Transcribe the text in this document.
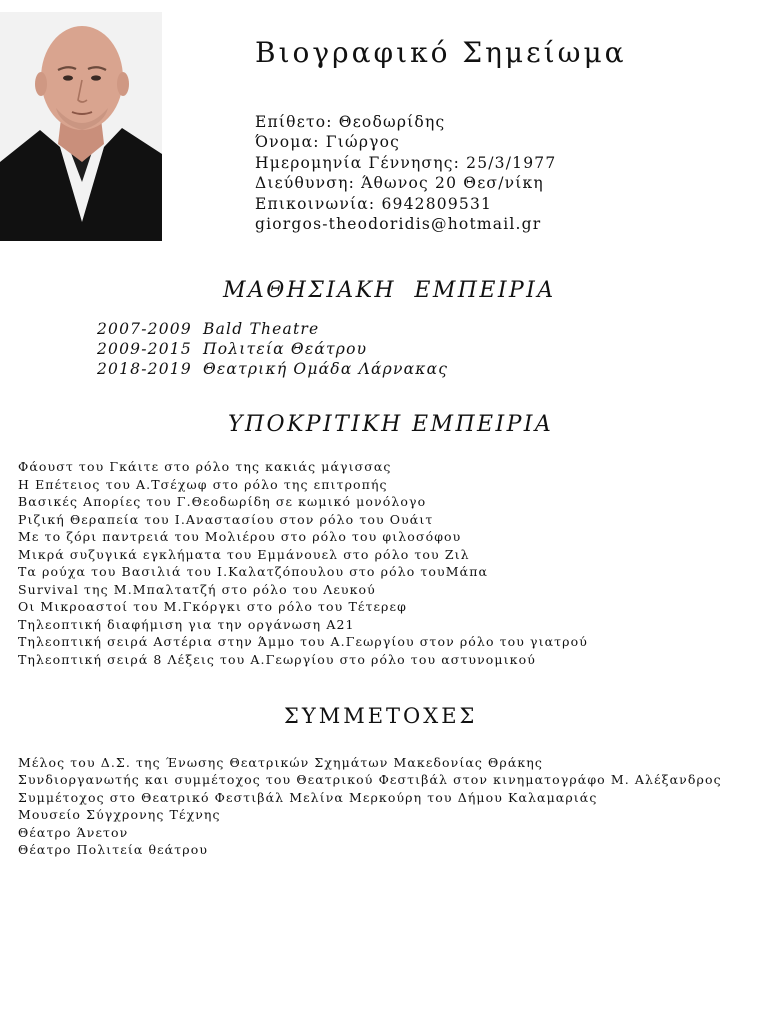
Βιογραφικό Σημείωμα
Επίθετο: Θεοδωρίδης
Όνομα: Γιώργος
Ημερομηνία Γέννησης: 25/3/1977
Διεύθυνση: Άθωνος 20 Θεσ/νίκη
Επικοινωνία: 6942809531
giorgos-theodoridis@hotmail.gr
ΜΑΘΗΣΙΑΚΗ ΕΜΠΕΙΡΙΑ
2007-2009 Bald Theatre
2009-2015 Πολιτεία Θεάτρου
2018-2019 Θεατρική Ομάδα Λάρνακας
ΥΠΟΚΡΙΤΙΚΗ ΕΜΠΕΙΡΙΑ
Φάουστ του Γκάιτε στο ρόλο της κακιάς μάγισσας
Η Επέτειος του Α.Τσέχωφ στο ρόλο της επιτροπής
Βασικές Απορίες του Γ.Θεοδωρίδη σε κωμικό μονόλογο
Ριζική Θεραπεία του Ι.Αναστασίου στον ρόλο του Ουάιτ
Με το ζόρι παντρειά του Μολιέρου στο ρόλο του φιλοσόφου
Μικρά συζυγικά εγκλήματα του Εμμάνουελ στο ρόλο του Ζιλ
Τα ρούχα του Βασιλιά του Ι.Καλατζόπουλου στο ρόλο τουΜάπα
Survival της Μ.Μπαλτατζή στο ρόλο του Λευκού
Οι Μικροαστοί του Μ.Γκόργκι στο ρόλο του Τέτερεφ
Τηλεοπτική διαφήμιση για την οργάνωση Α21
Τηλεοπτική σειρά Αστέρια στην Άμμο του Α.Γεωργίου στον ρόλο του γιατρού
Τηλεοπτική σειρά 8 Λέξεις του Α.Γεωργίου στο ρόλο του αστυνομικού
ΣΥΜΜΕΤΟΧΕΣ
Μέλος του Δ.Σ. της Ένωσης Θεατρικών Σχημάτων Μακεδονίας Θράκης
Συνδιοργανωτής και συμμέτοχος του Θεατρικού Φεστιβάλ στον κινηματογράφο Μ. Αλέξανδρος
Συμμέτοχος στο Θεατρικό Φεστιβάλ Μελίνα Μερκούρη του Δήμου Καλαμαριάς
Μουσείο Σύγχρονης Τέχνης
Θέατρο Άνετον
Θέατρο Πολιτεία θεάτρου
